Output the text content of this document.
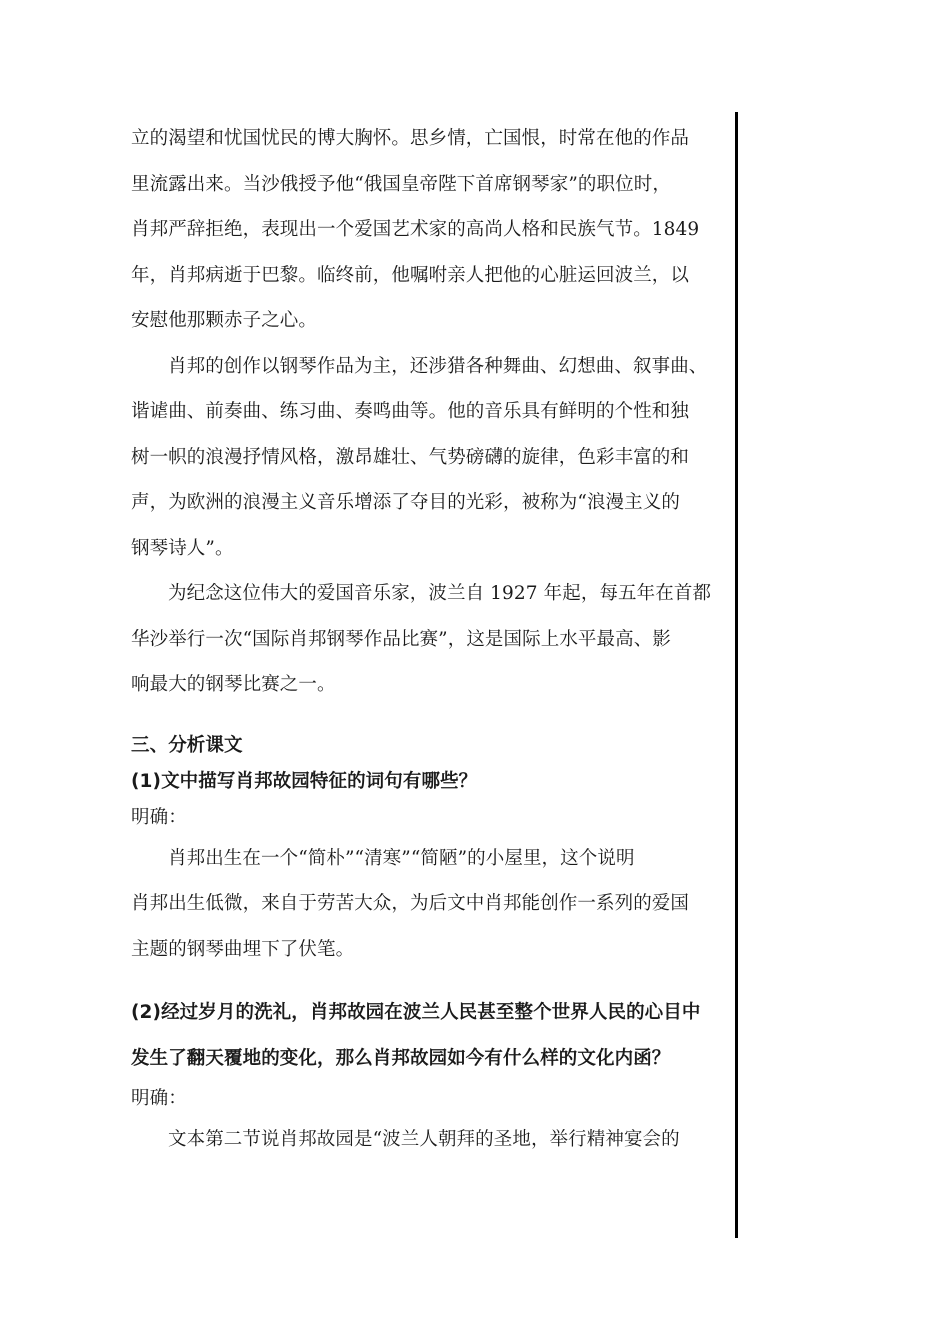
立的渴望和忧国忧民的博大胸怀。思乡情，亡国恨，时常在他的作品
里流露出来。当沙俄授予他“俄国皇帝陛下首席钢琴家”的职位时，
肖邦严辞拒绝，表现出一个爱国艺术家的高尚人格和民族气节。1849
年，肖邦病逝于巴黎。临终前，他嘱咐亲人把他的心脏运回波兰，以
安慰他那颗赤子之心。
肖邦的创作以钢琴作品为主，还涉猎各种舞曲、幻想曲、叙事曲、
谐谑曲、前奏曲、练习曲、奏鸣曲等。他的音乐具有鲜明的个性和独
树一帜的浪漫抒情风格，激昂雄壮、气势磅礴的旋律，色彩丰富的和
声，为欧洲的浪漫主义音乐增添了夺目的光彩，被称为“浪漫主义的
钢琴诗人”。
为纪念这位伟大的爱国音乐家，波兰自 1927 年起，每五年在首都
华沙举行一次“国际肖邦钢琴作品比赛”，这是国际上水平最高、影
响最大的钢琴比赛之一。
三、分析课文
(1)文中描写肖邦故园特征的词句有哪些？
明确：
肖邦出生在一个“简朴”“清寒”“简陋”的小屋里，这个说明
肖邦出生低微，来自于劳苦大众，为后文中肖邦能创作一系列的爱国
主题的钢琴曲埋下了伏笔。
(2)经过岁月的洗礼，肖邦故园在波兰人民甚至整个世界人民的心目中
发生了翻天覆地的变化，那么肖邦故园如今有什么样的文化内函？
明确：
文本第二节说肖邦故园是“波兰人朝拜的圣地，举行精神宴会的
